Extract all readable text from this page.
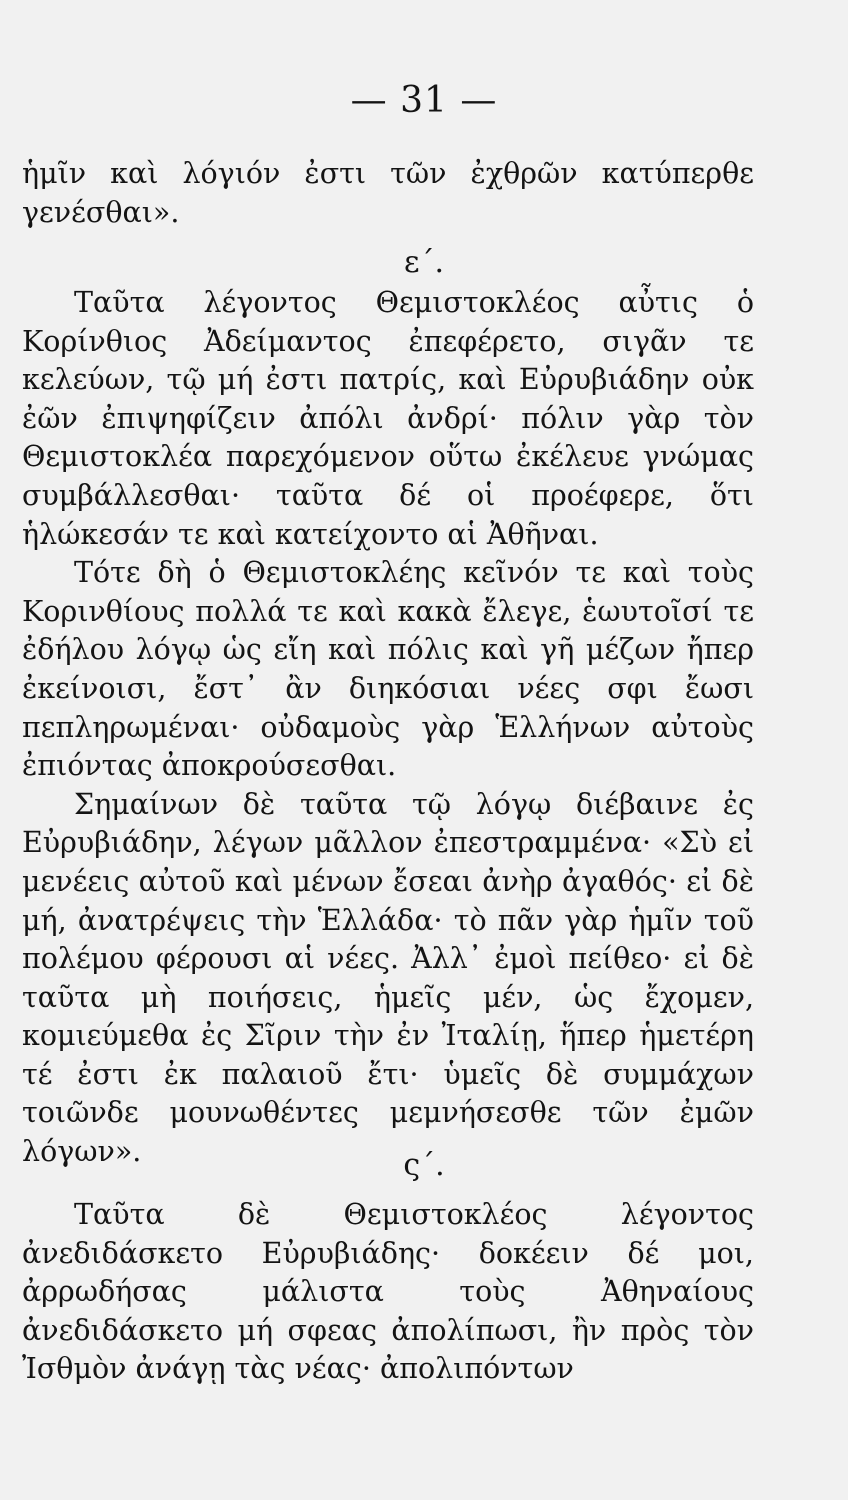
— 31 —

ἡμῖν καὶ λόγιόν ἐστι τῶν ἐχθρῶν κατύπερθε γενέσθαι».

ε΄.

Ταῦτα λέγοντος Θεμιστοκλέος αὖτις ὁ Κορίνθιος Ἀδείμαντος ἐπεφέρετο, σιγᾶν τε κελεύων, τῷ μή ἐστι πατρίς, καὶ Εὐρυβιάδην οὐκ ἐῶν ἐπιψηφίζειν ἀπόλι ἀνδρί· πόλιν γὰρ τὸν Θεμιστοκλέα παρεχόμενον οὕτω ἐκέλευε γνώμας συμβάλλεσθαι· ταῦτα δέ οἱ προέφερε, ὅτι ἡλώκεσάν τε καὶ κατείχοντο αἱ Ἀθῆναι.

Τότε δὴ ὁ Θεμιστοκλέης κεῖνόν τε καὶ τοὺς Κορινθίους πολλά τε καὶ κακὰ ἔλεγε, ἑωυτοῖσί τε ἐδήλου λόγῳ ὡς εἴη καὶ πόλις καὶ γῆ μέζων ἤπερ ἐκείνοισι, ἔστ᾽ ἂν διηκόσιαι νέες σφι ἔωσι πεπληρωμέναι· οὐδαμοὺς γὰρ Ἑλλήνων αὐτοὺς ἐπιόντας ἀποκρούσεσθαι.

Σημαίνων δὲ ταῦτα τῷ λόγῳ διέβαινε ἐς Εὐρυβιάδην, λέγων μᾶλλον ἐπεστραμμένα· «Σὺ εἰ μενέεις αὐτοῦ καὶ μένων ἔσεαι ἀνὴρ ἀγαθός· εἰ δὲ μή, ἀνατρέψεις τὴν Ἑλλάδα· τὸ πᾶν γὰρ ἡμῖν τοῦ πολέμου φέρουσι αἱ νέες. Ἀλλ᾽ ἐμοὶ πείθεο· εἰ δὲ ταῦτα μὴ ποιήσεις, ἡμεῖς μέν, ὡς ἔχομεν, κομιεύμεθα ἐς Σῖριν τὴν ἐν Ἰταλίῃ, ἥπερ ἡμετέρη τέ ἐστι ἐκ παλαιοῦ ἔτι· ὑμεῖς δὲ συμμάχων τοιῶνδε μουνωθέντες μεμνήσεσθε τῶν ἐμῶν λόγων».	ς΄.

Ταῦτα δὲ Θεμιστοκλέος λέγοντος ἀνεδιδάσκετο Εὐρυβιάδης· δοκέειν δέ μοι, ἀρρωδήσας μάλιστα τοὺς Ἀθηναίους ἀνεδιδάσκετο μή σφεας ἀπολίπωσι, ἢν πρὸς τὸν Ἰσθμὸν ἀνάγῃ τὰς νέας· ἀπολιπόντων
